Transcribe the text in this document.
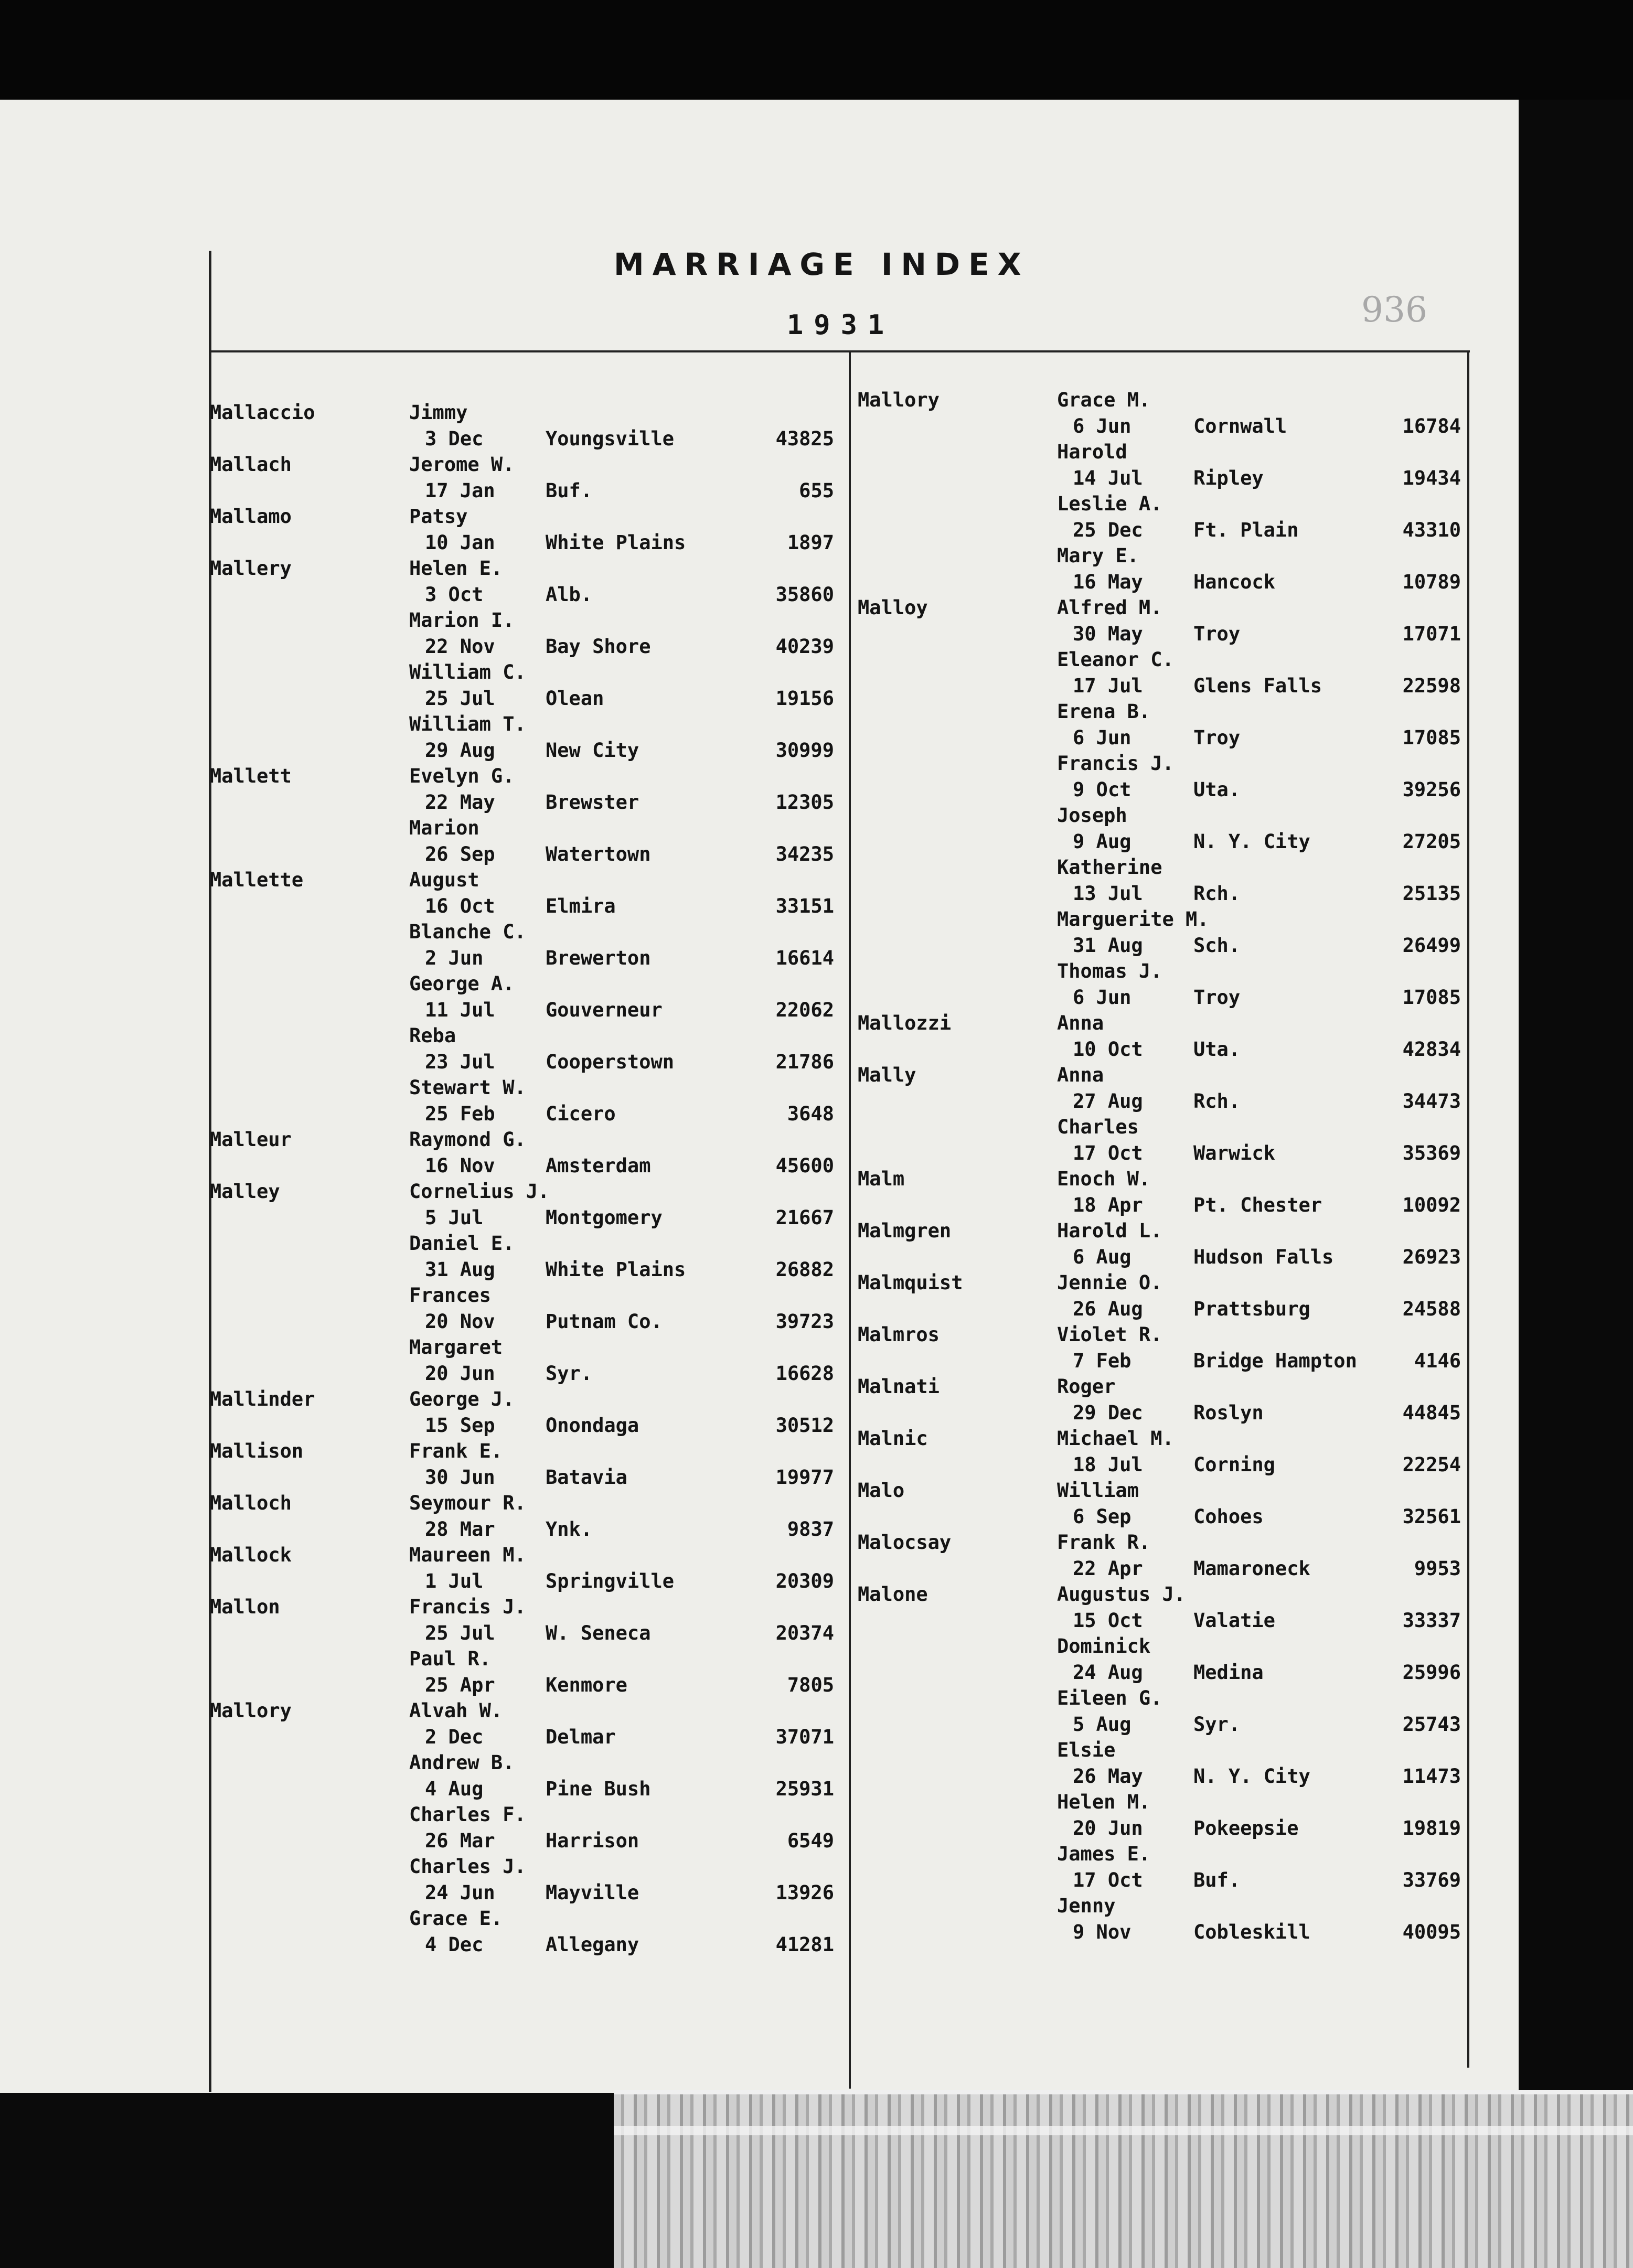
MARRIAGE INDEX
1931	936
Mallaccio	Jimmy
3 Dec	Youngsville	43825
Mallach	Jerome W.
17 Jan	Buf.	655
Mallamo	Patsy
10 Jan	White Plains	1897
Mallery	Helen E.
3 Oct	Alb.	35860
Marion I.
22 Nov	Bay Shore	40239
William C.
25 Jul	Olean	19156
William T.
29 Aug	New City	30999
Mallett	Evelyn G.
22 May	Brewster	12305
Marion
26 Sep	Watertown	34235
Mallette	August
16 Oct	Elmira	33151
Blanche C.
2 Jun	Brewerton	16614
George A.
11 Jul	Gouverneur	22062
Reba
23 Jul	Cooperstown	21786
Stewart W.
25 Feb	Cicero	3648
Malleur	Raymond G.
16 Nov	Amsterdam	45600
Malley	Cornelius J.
5 Jul	Montgomery	21667
Daniel E.
31 Aug	White Plains	26882
Frances
20 Nov	Putnam Co.	39723
Margaret
20 Jun	Syr.	16628
Mallinder	George J.
15 Sep	Onondaga	30512
Mallison	Frank E.
30 Jun	Batavia	19977
Malloch	Seymour R.
28 Mar	Ynk.	9837
Mallock	Maureen M.
1 Jul	Springville	20309
Mallon	Francis J.
25 Jul	W. Seneca	20374
Paul R.
25 Apr	Kenmore	7805
Mallory	Alvah W.
2 Dec	Delmar	37071
Andrew B.
4 Aug	Pine Bush	25931
Charles F.
26 Mar	Harrison	6549
Charles J.
24 Jun	Mayville	13926
Grace E.
4 Dec	Allegany	41281
Mallory	Grace M.
6 Jun	Cornwall	16784
Harold
14 Jul	Ripley	19434
Leslie A.
25 Dec	Ft. Plain	43310
Mary E.
16 May	Hancock	10789
Malloy	Alfred M.
30 May	Troy	17071
Eleanor C.
17 Jul	Glens Falls	22598
Erena B.
6 Jun	Troy	17085
Francis J.
9 Oct	Uta.	39256
Joseph
9 Aug	N. Y. City	27205
Katherine
13 Jul	Rch.	25135
Marguerite M.
31 Aug	Sch.	26499
Thomas J.
6 Jun	Troy	17085
Mallozzi	Anna
10 Oct	Uta.	42834
Mally	Anna
27 Aug	Rch.	34473
Charles
17 Oct	Warwick	35369
Malm	Enoch W.
18 Apr	Pt. Chester	10092
Malmgren	Harold L.
6 Aug	Hudson Falls	26923
Malmquist	Jennie O.
26 Aug	Prattsburg	24588
Malmros	Violet R.
7 Feb	Bridge Hampton	4146
Malnati	Roger
29 Dec	Roslyn	44845
Malnic	Michael M.
18 Jul	Corning	22254
Malo	William
6 Sep	Cohoes	32561
Malocsay	Frank R.
22 Apr	Mamaroneck	9953
Malone	Augustus J.
15 Oct	Valatie	33337
Dominick
24 Aug	Medina	25996
Eileen G.
5 Aug	Syr.	25743
Elsie
26 May	N. Y. City	11473
Helen M.
20 Jun	Pokeepsie	19819
James E.
17 Oct	Buf.	33769
Jenny
9 Nov	Cobleskill	40095
